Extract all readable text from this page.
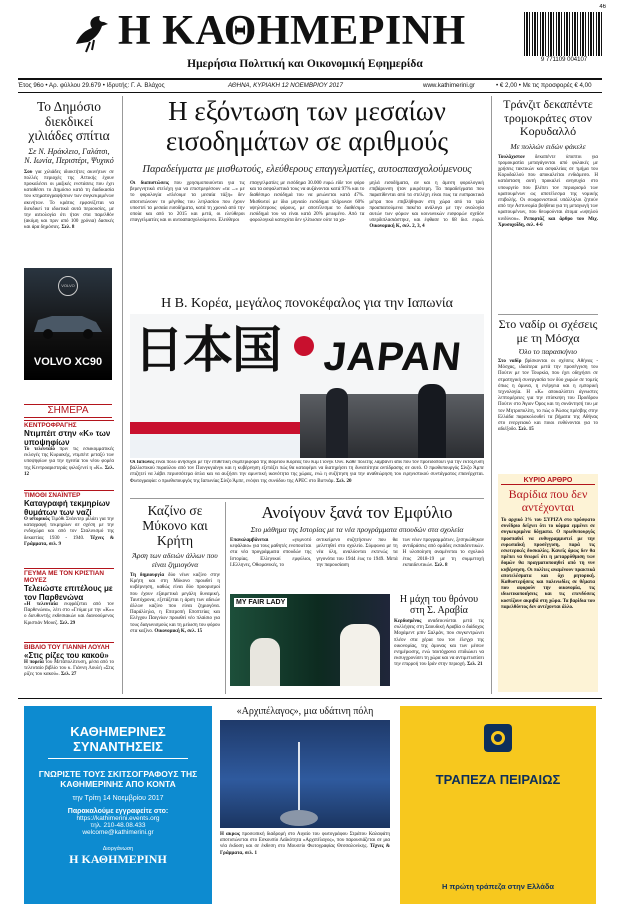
Η ΚΑΘΗΜΕΡΙΝΗ
Ημερήσια Πολιτική και Οικονομική Εφημερίδα
46
9 771109 004107
Έτος 96ο • Αρ. φύλλου 29.679 • Ιδρυτής: Γ. Α. Βλάχος	ΑΘΗΝΑ, ΚΥΡΙΑΚΗ 12 ΝΟΕΜΒΡΙΟΥ 2017	www.kathimerini.gr	• € 2,00 • Με τις προσφορές € 4,00
Το Δημόσιο διεκδικεί χιλιάδες σπίτια
Σε Ν. Ηράκλειο, Γαλάτσι, Ν. Ιωνία, Περιστέρι, Ψυχικό
Σου για χιλιάδες ιδιοκτήτες ακινήτων σε πολλές περιοχές της Αττικής έχουν προκαλέσει οι μαζικές ενστάσεις που έχει καταθέσει το Δημόσιο κατά τη διαδικασία του κτηματογραφήσεων των συγκεκριμένων ακινήτων. Το κράτος εμφανίζεται να διεκδικεί τα ιδιωτικά αυτά περιουσίες, με την αιτιολογία ότι ήταν στα παρελθόν (ακόμη και πριν από 100 χρόνια) δασικές και άρα δημόσιες. Σελ. 8
VOLVO
VOLVO XC90
ΣΗΜΕΡΑ
ΚΕΝΤΡΟΦΡΑΓΗΣ
Ντιμπέιτ στην «Κ» των υποψηφίων
Το τελευταίο πριν τις εσωκομματικές εκλογές της Κυριακής, ντιμπέιτ μεταξύ των υποψηφίων για την ηγεσία του νέου φορέα της Κεντροαριστεράς φιλοξενεί η «Κ». Σελ. 12
ΤΙΜΟΘΙ ΣΝΑΪΝΤΕΡ
Καταγραφή τεκμηρίων θυμάτων των ναζί
Ο ιστορικός Τιμόθι Σνάιντερ μιλάει για την καταγραφή τεκμηρίων σε σχέση με την ενδοχώρα και από τον Σταλινισμό της δεκαετίας 1930 - 1940. Τέχνες & Γράμματα, σελ. 9
ΓΕΥΜΑ ΜΕ ΤΟΝ ΚΡΙΣΤΙΑΝ ΜΟΥΕΖ
Τελειώστε επιτέλους με τον Παρθενώνα
«Η τελευταία εκφράζεται από τον Παρθενώνα», λέει στο «Γεύμα με την «Κ»» ο διευθυντής εκθεσιακών και διανοούμενος Κριστιάν Μουεζ. Σελ. 29
ΒΙΒΛΙΟ ΤΟΥ ΓΙΑΝΝΗ ΛΟΥΛΗ
«Στις ρίζες του κακού»
Η πορεία του Μεταπολίτευση, μέσα από το τελευταίο βιβλίο του κ. Γιάννη Λουλή «Στις ρίζες του κακού». Σελ. 27
Η εξόντωση των μεσαίων
εισοδημάτων σε αριθμούς
Παραδείγματα με μισθωτούς, ελεύθερους επαγγελματίες, αυτοαπασχολούμενους
Οι διαπιστώσεις που χρησιμοποιούνται για τις βερεγνητικά στελέχη για να επιστρεφέσουν «τα ...» με το φορολογία «πλέουμε τα μεσαία τάξη» δεν αποτυπώνουν το μέγεθος του λεηλασίου που έχουν υποστεί τα μεσαία εισοδήματα, κατά τη χρονιά από την οποία και από το 2015 και μετά, οι ελεύθεροι επαγγελματίες και οι αυτοαπασχολούμενοι. Ελεύθεροι
επαγγελματίες με εισόδημα 30.000 ευρώ είδε τον φόρο και τα ασφαλιστικά τους να αυξάνονται κατά 97% και το διαθέσιμο εισόδημά του να μειώνεται κατά 47%. Μισθωτοί με ίδιο μηνιαίο εισόδημα πλήρωναν 60% υψηλότερους φόρους, με αποτέλεσμα το διαθέσιμο εισόδημά του να είναι κατά 20% μειωμένο. Από τα φορολογικά κατοχύτα δεν γλίτωσαν ούτε τα χα-
μηλά εισοδήματα, αν και η άμεση φορολογική επιβάρυνση ήταν μικρότερη. Τα παραδείγματα που παρατίθενται από τα στελέχη είναι πως τα εισπρακτικά μέτρα που επιβλήθηκαν στη χώρα από τα τρία προαπαιτούμενα πακέτα ανάλογα με την αναλογία αυτών των φόρων και κοινωνικών εισφορών σχεδόν υπερδιπλασιάστηκε, και έφθασε το 68 δισ. ευρώ. Οικονομική Κ, σελ. 2, 3, 4
Η Β. Κορέα, μεγάλος πονοκέφαλος για την Ιαπωνία
日本国 JAPAN
Οι Ιάπωνες είναι πολύ ανήσυχοι με την επιθετική συμπεριφορά της Βορείου Κορέας του Κιμ Γιονγκ Ουν. Κάθε πολίτης λαμβάνει sms που τον προειδοποιεί για την εκτόξευση βαλλιστικού πυραύλου από τον Πιονγκγιάνγκ και η κυβέρνηση εξετάζει πώς θα καταφέρει να διατηρήσει τη δυνατότητα αντίδρασης σε αυτό. Ο πρωθυπουργός Σίνζο Άμπε επιζητεί να λάβει περισσότερα όπλα και να αυξήσει την αμυντική ικανότητα της χώρας, ενώ η συζήτηση για την αναθεώρηση του ειρηνιστικού συντάγματος επανέρχεται. Φωτογραφία: ο πρωθυπουργός της Ιαπωνίας Σίνζο Άμπε, ενόψει της συνόδου της APEC στο Βιετνάμ. Σελ. 20
Καζίνο σε Μύκονο και Κρήτη
Άρση των αδειών άλλων που είναι ζημιογόνα
Τη δημιουργία δύο νέων καζίνο στην Κρήτη και στη Μύκονο προωθεί η κυβέρνηση, καθώς είναι δύο προορισμοί που έχουν εξαιρετικά μεγάλη δυναμική. Ταυτόχρονα, εξετάζεται η άρση των αδειών άλλων καζίνο που είναι ζημιογόνα. Παράλληλα, η Επιτροπή Εποπτείας και Ελέγχου Παιγνίων προωθεί νέο πλαίσιο για τους διαγωνισμούς και τη μείωση του φόρου στα καζίνο. Οικονομική Κ, σελ. 15
Ανοίγουν ξανά τον Εμφύλιο
Στο μάθημα της Ιστορίας με τα νέα προγράμματα σπουδών στα σχολεία
Επαναλαμβάνεται	«γυμνοτό κεφάλαιο» για τους μαθητές ενοποιείται στα νέα προγράμματα σπουδών της Ιστορίας. Ελληνικοί εμφύλιοι, Ι.Ελληνες, Οθωμανικές, το
αντικείμενο συζητήσεων που θα μελετηθεί στο σχολείο. Σύμφωνα με τη νέα ύλη, αναλύονται εκτενώς τα γεγονότα του 1944 έως το 1949. Μετά την παρουσίαση
των νέων προγραμμάτων, ξεσηκώθηκαν αντιδράσεις από ομάδες εκπαιδευτικών. Η υλοποίηση αναμένεται το σχολικό έτος 2018-19 με τη συμμετοχή εκπαιδευτικών. Σελ. 8
MY FAIR LADY	Η μάχη του θρόνου στη Σ. Αραβία
Κερδισμένος αναδεικνύεται μετά τις συλλήψεις στη Σαουδική Αραβία ο διάδοχος Μοχάμεντ μπιν Σαλμάν, που συγκεντρώνει πλέον στα χέρια του τον έλεγχο της οικονομίας, της άμυνας και των μέσων ενημέρωσης, ενώ ταυτόχρονα επιδιώκει να εκσυγχρονίσει τη χώρα και να αντιμετωπίσει την επιρροή του Ιράν στην περιοχή. Σελ. 21
Τράνζιτ δεκαπέντε τρομοκράτες στον Κορυδαλλό
Με πολλών ειδών φάκελε
Τουλάχιστον δεκαπέντε ύποπτοι για τρομοκρατία μεταγάγονται από φυλακές με χρήσεις τακτικών και ασφαλείας σε τμήμα του Κορυδαλλού που αποκαλείται ενδιάμεσο. Η κατάσταση αυτή προκαλεί ανησυχία στο υπουργείο που βλέπει τον περιορισμό των κρατουμένων ως αποτέλεσμα της νομικής επιβολής. Οι σωφρονιστικοί υπάλληλοι ζητούν από την Αστυνομία βοήθεια για τη μεταγωγή των κρατουμένων, που θεωρούνται άτομα «υψηλού κινδύνου». Ρεπορτάζ και άρθρο του Μιχ. Χρυσοχοΐδη, σελ. 4-6
Στο ναδίρ οι σχέσεις με τη Μόσχα
Όλο το παρασκήνιο
Στο ναδίρ βρίσκονται οι σχέσεις Αθήνας - Μόσχας, ιδιαίτερα μετά την προσέγγιση του Πούτιν με τον Τουρκία, που έχει οδηγήσει σε στρατηγική συνεργασία των δύο χωρών σε τομείς όπως η άμυνα, η ενέργεια και η εμπορική τεχνολογία. Η «Κ» αποκαλύπτει άγνωστες λεπτομέρειες για την επίσκεψη του Προέδρου Πούτιν στο Άγιον Όρος και τη συνάντησή του με τον Μητροπολίτη, το πώς ο Ρώσος πρέσβης στην Ελλάδα παρακολουθεί τα βήματα της Αθήνας στο ενεργειακό και ποιοι ευθύνονται για το αδιέξοδο. Σελ. 15
ΚΥΡΙΟ ΑΡΘΡΟ
Βαρίδια που δεν αντέχονται
Το αρχικό 3% του ΣΥΡΙΖΑ στο πρόσφατο συνέδριο δείχνει ότι το κόμμα εμμένει σε συγκεκριμένα δόγματα. Ο πρωθυπουργός προσπαθεί να ευθυγραμμιστεί με την ευρωπαϊκή προσέγγιση, παρά τις εσωτερικές δυσκολίες. Κανείς όμως δεν θα πρέπει να θεωρεί ότι η μεταρρύθμιση των δομών θα πραγματοποιηθεί από τη νυν κυβέρνηση. Οι πολίτες αναμένουν πρακτικά αποτελέσματα και όχι ρητορική. Καθυστερήσεις και παλινωδίες σε θέματα που αφορούν την οικονομία, τις ιδιωτικοποιήσεις και τις επενδύσεις κοστίζουν ακριβά στη χώρα. Τα βαρίδια του παρελθόντος δεν αντέχονται άλλο.
ΚΑΘΗΜΕΡΙΝΕΣ
ΣΥΝΑΝΤΗΣΕΙΣ
ΓΝΩΡΙΣΤΕ ΤΟΥΣ ΣΚΙΤΣΟΓΡΑΦΟΥΣ ΤΗΣ ΚΑΘΗΜΕΡΙΝΗΣ ΑΠΟ ΚΟΝΤΑ
την Τρίτη 14 Νοεμβρίου 2017
Παρακαλούμε εγγραφείτε στο:
https://kathimerini.events.org
τηλ. 210-48.08.433
welcome@kathimerini.gr
Διοργάνωση
Η ΚΑΘΗΜΕΡΙΝΗ
«Αρχιπέλαγος», μια υδάτινη πόλη
Η ακρως προσωπική διαδρομή στο Αιγαίο του φωτογράφου Στράτου Καλαφάτη αποτυπώνεται στο Εσκουπίο Λαϊκότητα «Αρχιπέλαγος», που παρουσιάζεται σε μια νέα έκδοση και σε έκθεση στο Μουσείο Φωτογραφίας Θεσσαλονίκης. Τέχνες & Γράμματα, σελ. 1
ΤΡΑΠΕΖΑ ΠΕΙΡΑΙΩΣ
Η πρώτη τράπεζα στην Ελλάδα
